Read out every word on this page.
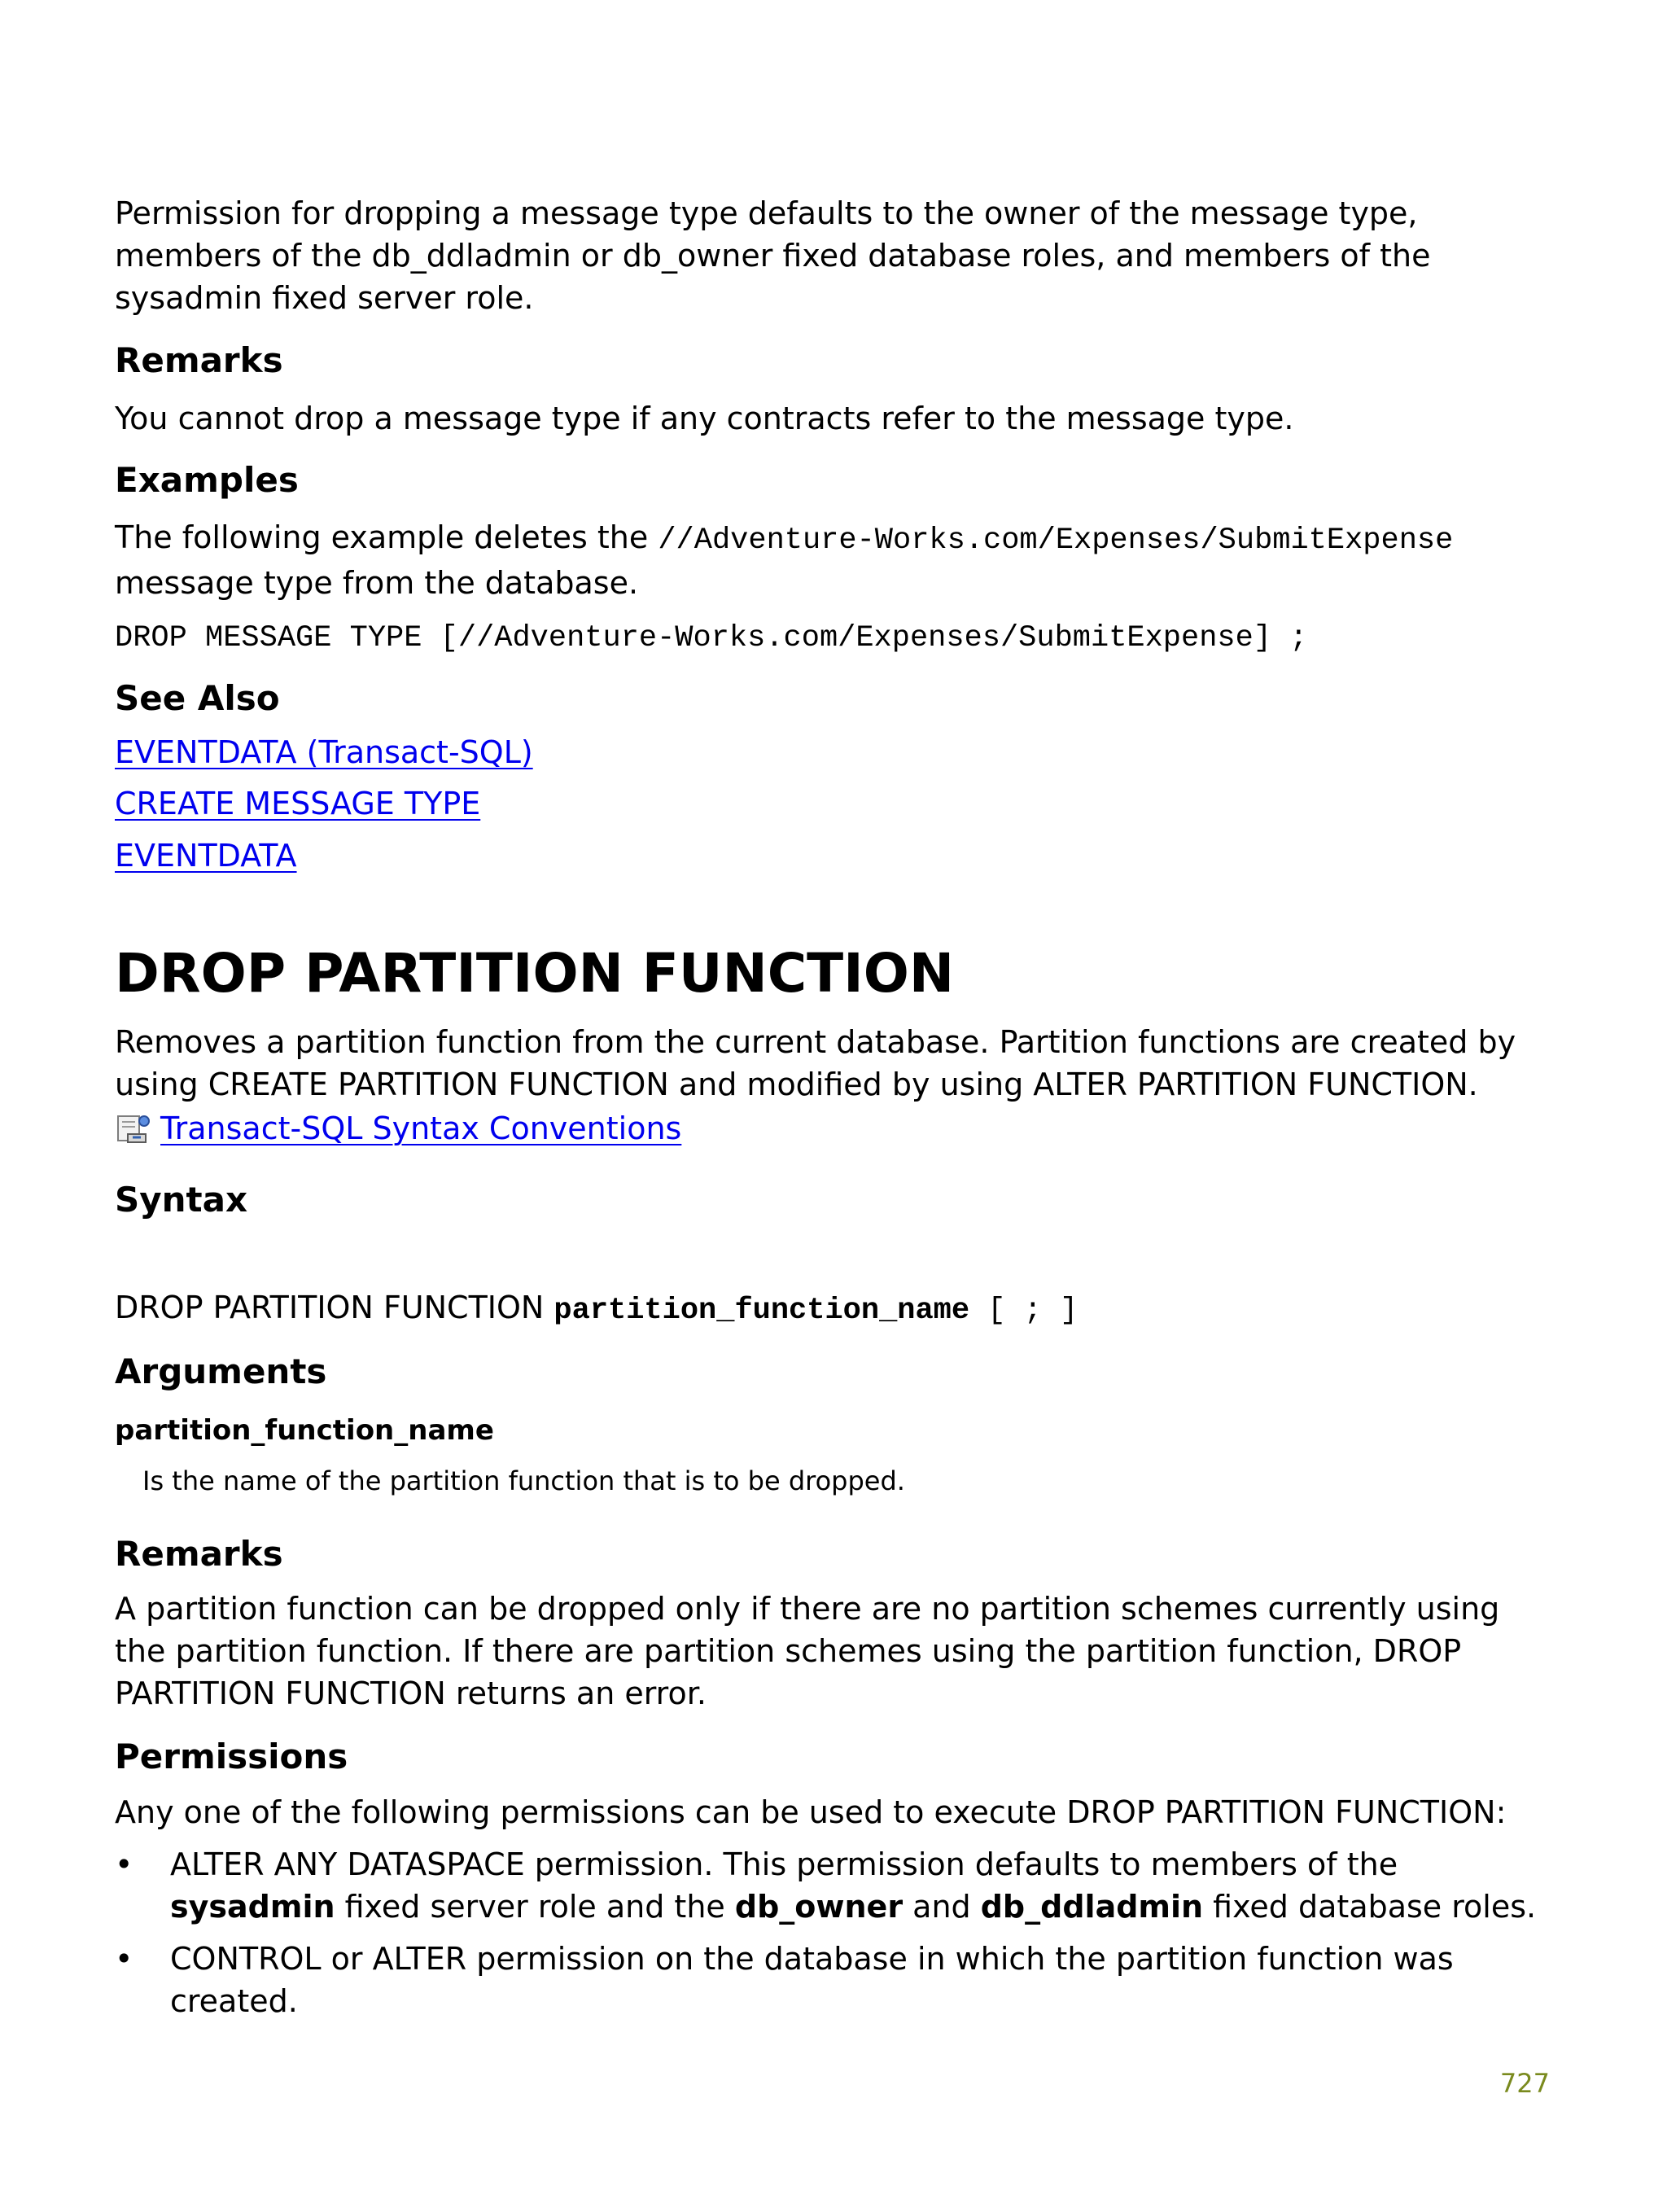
Permission for dropping a message type defaults to the owner of the message type, members of the db_ddladmin or db_owner fixed database roles, and members of the sysadmin fixed server role.

Remarks

You cannot drop a message type if any contracts refer to the message type.

Examples

The following example deletes the //Adventure-Works.com/Expenses/SubmitExpense
message type from the database.

DROP MESSAGE TYPE [//Adventure-Works.com/Expenses/SubmitExpense] ;
See Also
EVENTDATA (Transact-SQL)
CREATE MESSAGE TYPE
EVENTDATA
DROP PARTITION FUNCTION

Removes a partition function from the current database. Partition functions are created by using CREATE PARTITION FUNCTION and modified by using ALTER PARTITION FUNCTION.

Transact-SQL Syntax Conventions
Syntax
DROP PARTITION FUNCTION partition_function_name [ ; ]
Arguments
partition_function_name
Is the name of the partition function that is to be dropped.
Remarks

A partition function can be dropped only if there are no partition schemes currently using the partition function. If there are partition schemes using the partition function, DROP PARTITION FUNCTION returns an error.

Permissions

Any one of the following permissions can be used to execute DROP PARTITION FUNCTION:

• ALTER ANY DATASPACE permission. This permission defaults to members of the sysadmin fixed server role and the db_owner and db_ddladmin fixed database roles.
• CONTROL or ALTER permission on the database in which the partition function was created.
727
